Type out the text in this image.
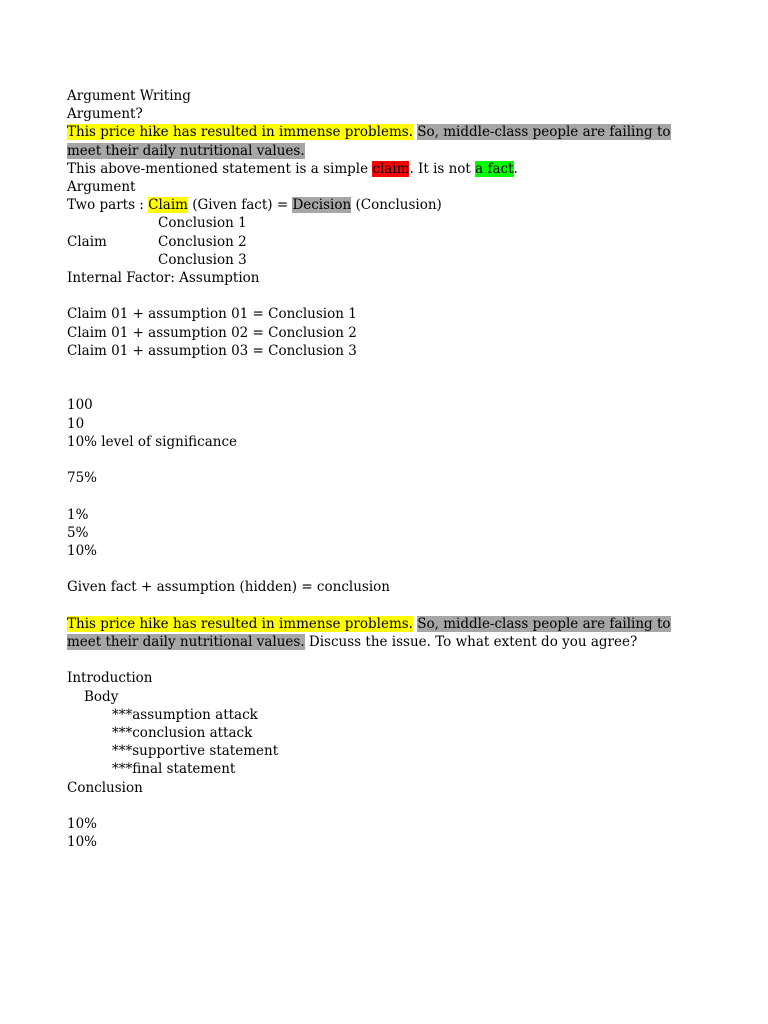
Argument Writing
Argument?
This price hike has resulted in immense problems. So, middle-class people are failing to meet their daily nutritional values.
This above-mentioned statement is a simple claim. It is not a fact.
Argument
Two parts : Claim (Given fact) = Decision (Conclusion)
Conclusion 1
Claim	Conclusion 2
Conclusion 3
Internal Factor: Assumption
Claim 01 + assumption 01 = Conclusion 1
Claim 01 + assumption 02 = Conclusion 2
Claim 01 + assumption 03 = Conclusion 3
100
10
10% level of significance
75%
1%
5%
10%
Given fact + assumption (hidden) = conclusion
This price hike has resulted in immense problems. So, middle-class people are failing to meet their daily nutritional values. Discuss the issue. To what extent do you agree?
Introduction
Body
***assumption attack
***conclusion attack
***supportive statement
***final statement
Conclusion
10%
10%
